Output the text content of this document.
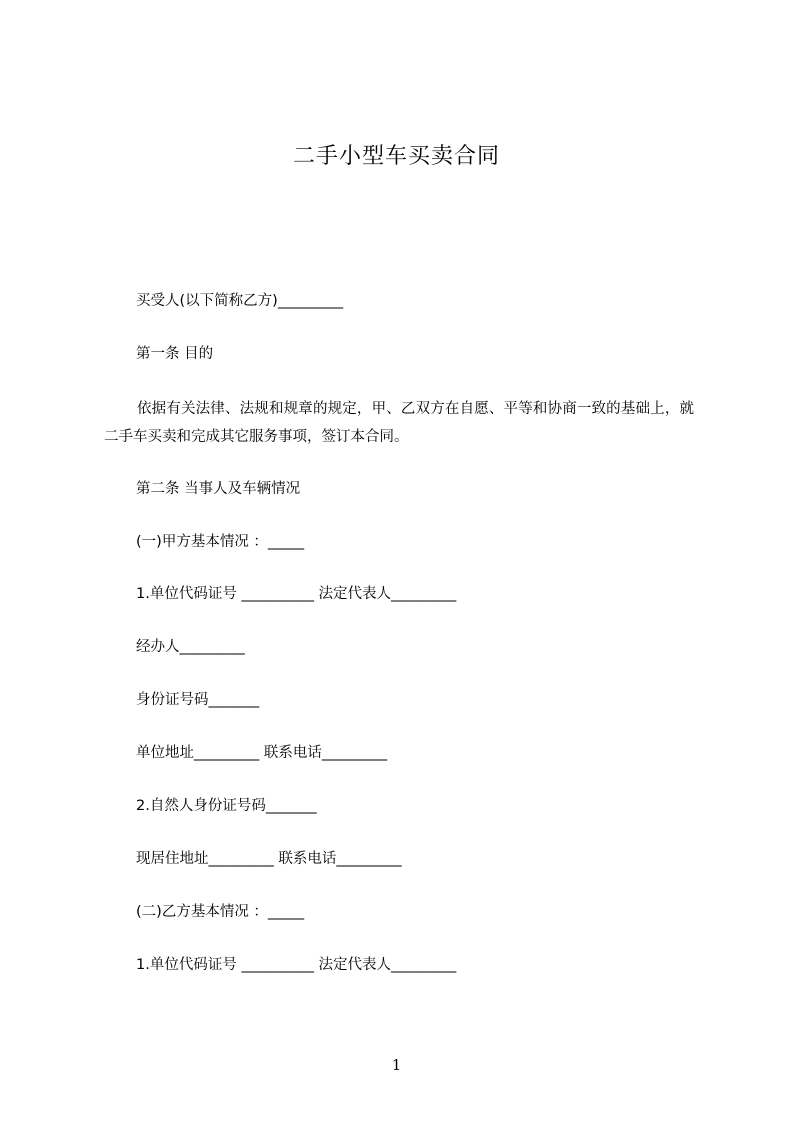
二手小型车买卖合同

买受人(以下简称乙方)_________

第一条 目的

依据有关法律、法规和规章的规定，甲、乙双方在自愿、平等和协商一致的基础上，就二手车买卖和完成其它服务事项，签订本合同。

第二条 当事人及车辆情况

(一)甲方基本情况 ：_____

1.单位代码证号 __________ 法定代表人_________

经办人_________

身份证号码_______

单位地址_________ 联系电话_________

2.自然人身份证号码_______

现居住地址_________ 联系电话_________

(二)乙方基本情况 ：_____

1.单位代码证号 __________ 法定代表人_________

1
